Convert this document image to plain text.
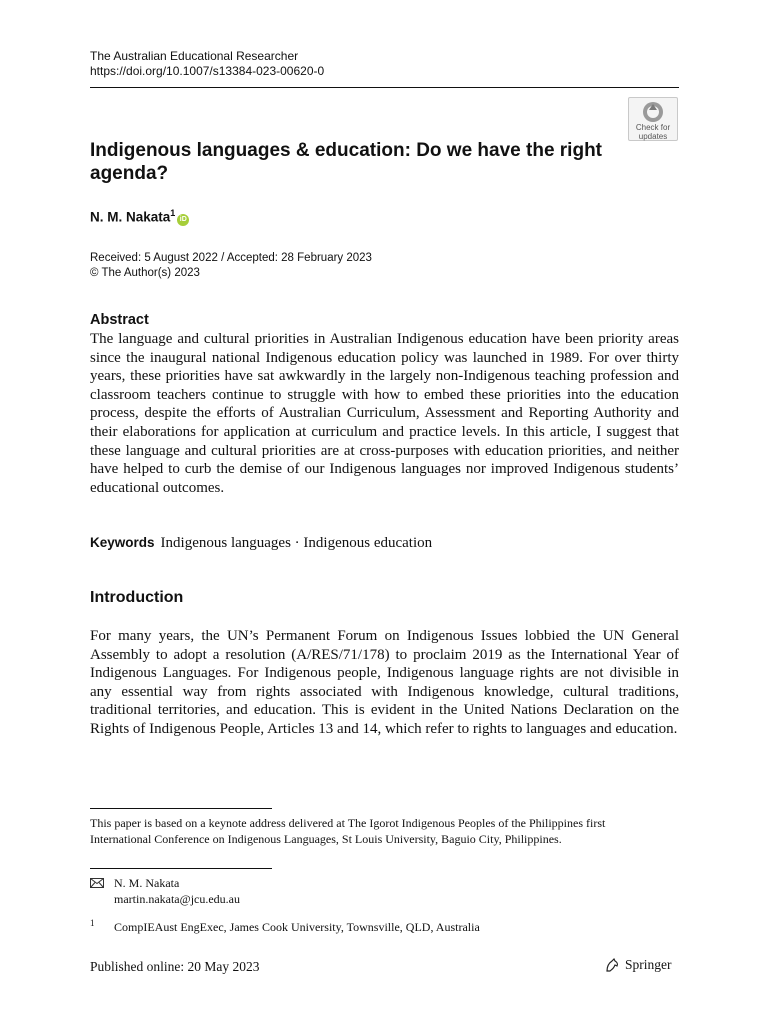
The Australian Educational Researcher
https://doi.org/10.1007/s13384-023-00620-0
Check for
updates
Indigenous languages & education: Do we have the right agenda?
N. M. Nakata$^1$iD
Received: 5 August 2022 / Accepted: 28 February 2023
© The Author(s) 2023
Abstract
The language and cultural priorities in Australian Indigenous education have been priority areas since the inaugural national Indigenous education policy was launched in 1989. For over thirty years, these priorities have sat awkwardly in the largely non-Indigenous teaching profession and classroom teachers continue to struggle with how to embed these priorities into the education process, despite the efforts of Australian Curriculum, Assessment and Reporting Authority and their elaborations for application at curriculum and practice levels. In this article, I suggest that these language and cultural priorities are at cross-purposes with education priorities, and neither have helped to curb the demise of our Indigenous languages nor improved Indigenous students’ educational outcomes.
Keywords Indigenous languages · Indigenous education
Introduction
For many years, the UN’s Permanent Forum on Indigenous Issues lobbied the UN General Assembly to adopt a resolution (A/RES/71/178) to proclaim 2019 as the International Year of Indigenous Languages. For Indigenous people, Indigenous language rights are not divisible in any essential way from rights associated with Indigenous knowledge, cultural traditions, traditional territories, and education. This is evident in the United Nations Declaration on the Rights of Indigenous People, Articles 13 and 14, which refer to rights to languages and education.
This paper is based on a keynote address delivered at The Igorot Indigenous Peoples of the Philippines first International Conference on Indigenous Languages, St Louis University, Baguio City, Philippines.
N. M. Nakata
martin.nakata@jcu.edu.au
1 CompIEAust EngExec, James Cook University, Townsville, QLD, Australia
Published online: 20 May 2023	Springer
